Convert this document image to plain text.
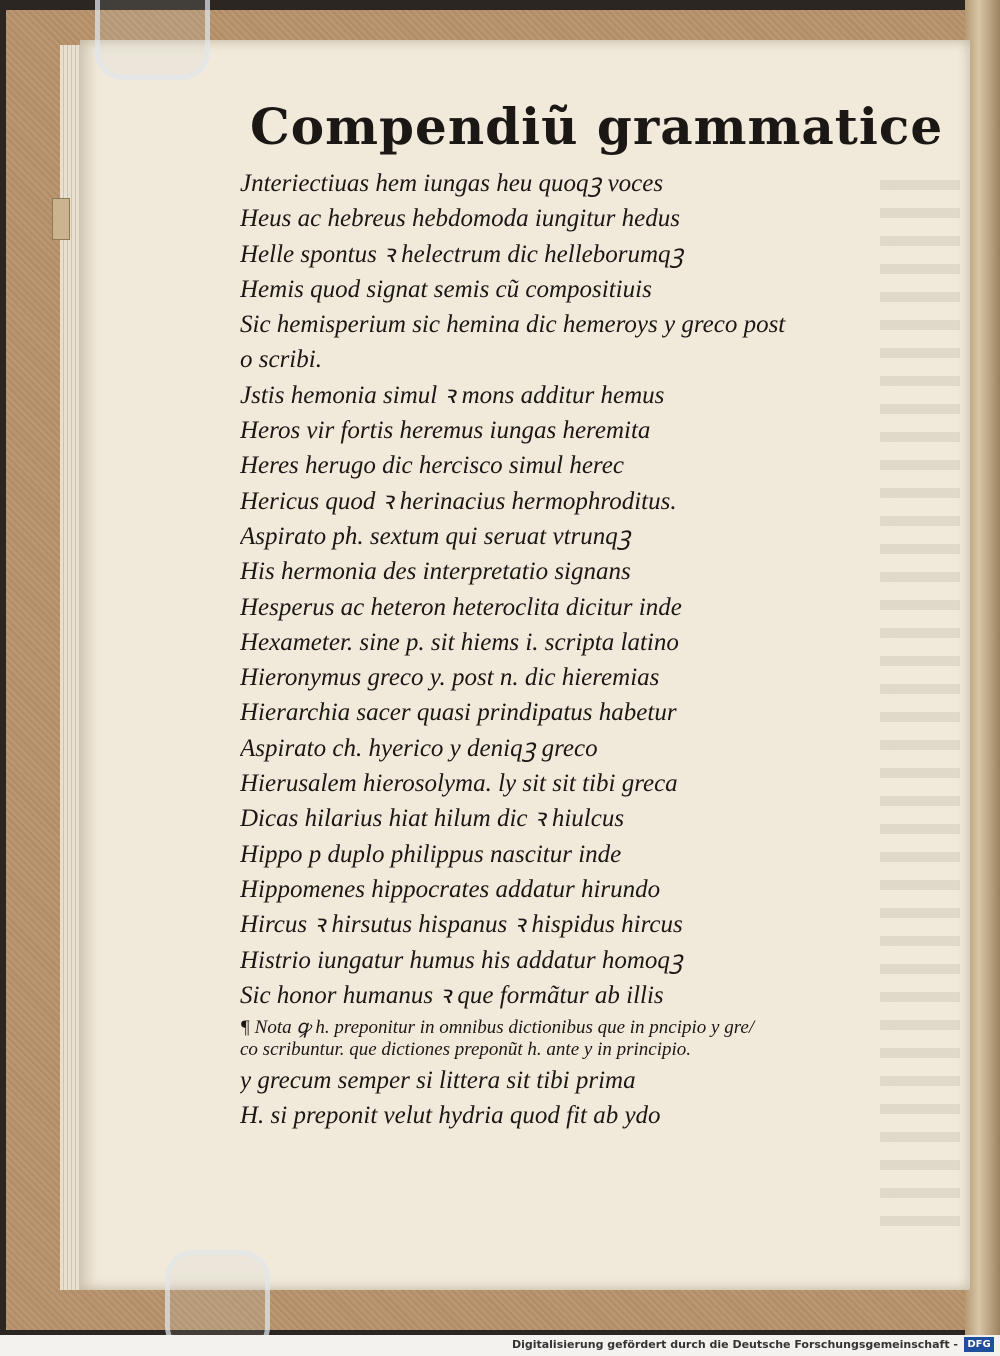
Compendiũ grammatice
Jnteriectiuas hem iungas heu quoqꝫ voces
Heus ac hebreus hebdomoda iungitur hedus
Helle spontus ꝛ helectrum dic helleborumqꝫ
Hemis quod signat semis cũ compositiuis
Sic hemisperium sic hemina dic hemeroys y greco post
o scribi.
Jstis hemonia simul ꝛ mons additur hemus
Heros vir fortis heremus iungas heremita
Heres herugo dic hercisco simul herec
Hericus quod ꝛ herinacius hermophroditus.
Aspirato ph. sextum qui seruat vtrunqꝫ
His hermonia des interpretatio signans
Hesperus ac heteron heteroclita dicitur inde
Hexameter. sine p. sit hiems i. scripta latino
Hieronymus greco y. post n. dic hieremias
Hierarchia sacer quasi prindipatus habetur
Aspirato ch. hyerico y deniqꝫ greco
Hierusalem hierosolyma. ly sit sit tibi greca
Dicas hilarius hiat hilum dic ꝛ hiulcus
Hippo p duplo philippus nascitur inde
Hippomenes hippocrates addatur hirundo
Hircus ꝛ hirsutus hispanus ꝛ hispidus hircus
Histrio iungatur humus his addatur homoqꝫ
Sic honor humanus ꝛ que formãtur ab illis
¶ Nota ꝙ h. preponitur in omnibus dictionibus que in pncipio y gre/
co scribuntur. que dictiones preponũt h. ante y in principio.
y grecum semper si littera sit tibi prima
H. si preponit velut hydria quod fit ab ydo
Digitalisierung gefördert durch die Deutsche Forschungsgemeinschaft - DFG
